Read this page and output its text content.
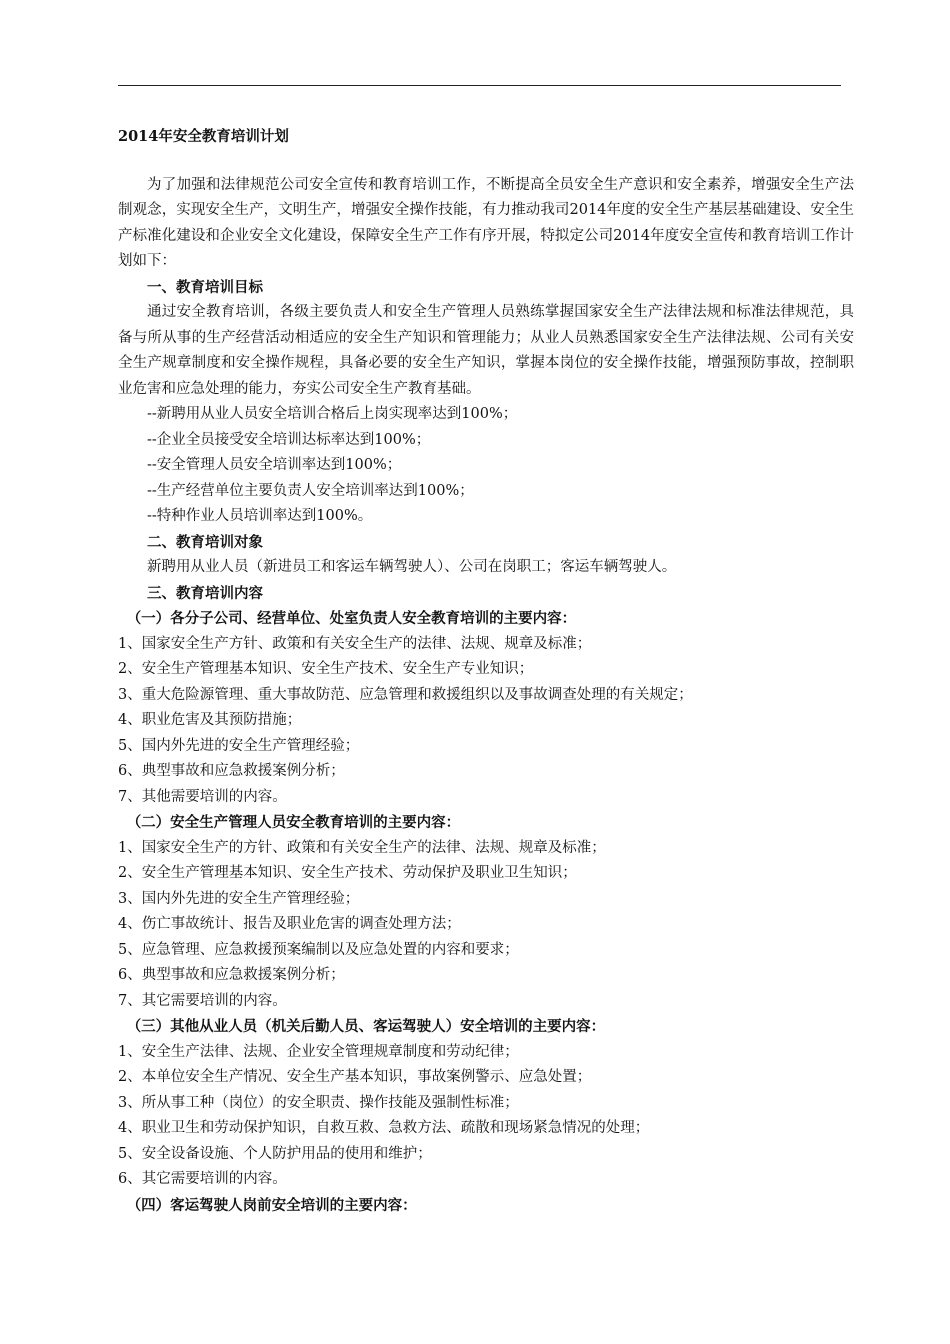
2014年安全教育培训计划
为了加强和法律规范公司安全宣传和教育培训工作，不断提高全员安全生产意识和安全素养，增强安全生产法制观念，实现安全生产，文明生产，增强安全操作技能，有力推动我司2014年度的安全生产基层基础建设、安全生产标准化建设和企业安全文化建设，保障安全生产工作有序开展，特拟定公司2014年度安全宣传和教育培训工作计划如下：
一、教育培训目标
通过安全教育培训，各级主要负责人和安全生产管理人员熟练掌握国家安全生产法律法规和标准法律规范，具备与所从事的生产经营活动相适应的安全生产知识和管理能力；从业人员熟悉国家安全生产法律法规、公司有关安全生产规章制度和安全操作规程，具备必要的安全生产知识，掌握本岗位的安全操作技能，增强预防事故，控制职业危害和应急处理的能力，夯实公司安全生产教育基础。
--新聘用从业人员安全培训合格后上岗实现率达到100%；
--企业全员接受安全培训达标率达到100%；
--安全管理人员安全培训率达到100%；
--生产经营单位主要负责人安全培训率达到100%；
--特种作业人员培训率达到100%。
二、教育培训对象
新聘用从业人员（新进员工和客运车辆驾驶人）、公司在岗职工；客运车辆驾驶人。
三、教育培训内容
（一）各分子公司、经营单位、处室负责人安全教育培训的主要内容：
1、国家安全生产方针、政策和有关安全生产的法律、法规、规章及标准；
2、安全生产管理基本知识、安全生产技术、安全生产专业知识；
3、重大危险源管理、重大事故防范、应急管理和救援组织以及事故调查处理的有关规定；
4、职业危害及其预防措施；
5、国内外先进的安全生产管理经验；
6、典型事故和应急救援案例分析；
7、其他需要培训的内容。
（二）安全生产管理人员安全教育培训的主要内容：
1、国家安全生产的方针、政策和有关安全生产的法律、法规、规章及标准；
2、安全生产管理基本知识、安全生产技术、劳动保护及职业卫生知识；
3、国内外先进的安全生产管理经验；
4、伤亡事故统计、报告及职业危害的调查处理方法；
5、应急管理、应急救援预案编制以及应急处置的内容和要求；
6、典型事故和应急救援案例分析；
7、其它需要培训的内容。
（三）其他从业人员（机关后勤人员、客运驾驶人）安全培训的主要内容：
1、安全生产法律、法规、企业安全管理规章制度和劳动纪律；
2、本单位安全生产情况、安全生产基本知识，事故案例警示、应急处置；
3、所从事工种（岗位）的安全职责、操作技能及强制性标准；
4、职业卫生和劳动保护知识，自救互救、急救方法、疏散和现场紧急情况的处理；
5、安全设备设施、个人防护用品的使用和维护；
6、其它需要培训的内容。
（四）客运驾驶人岗前安全培训的主要内容：
